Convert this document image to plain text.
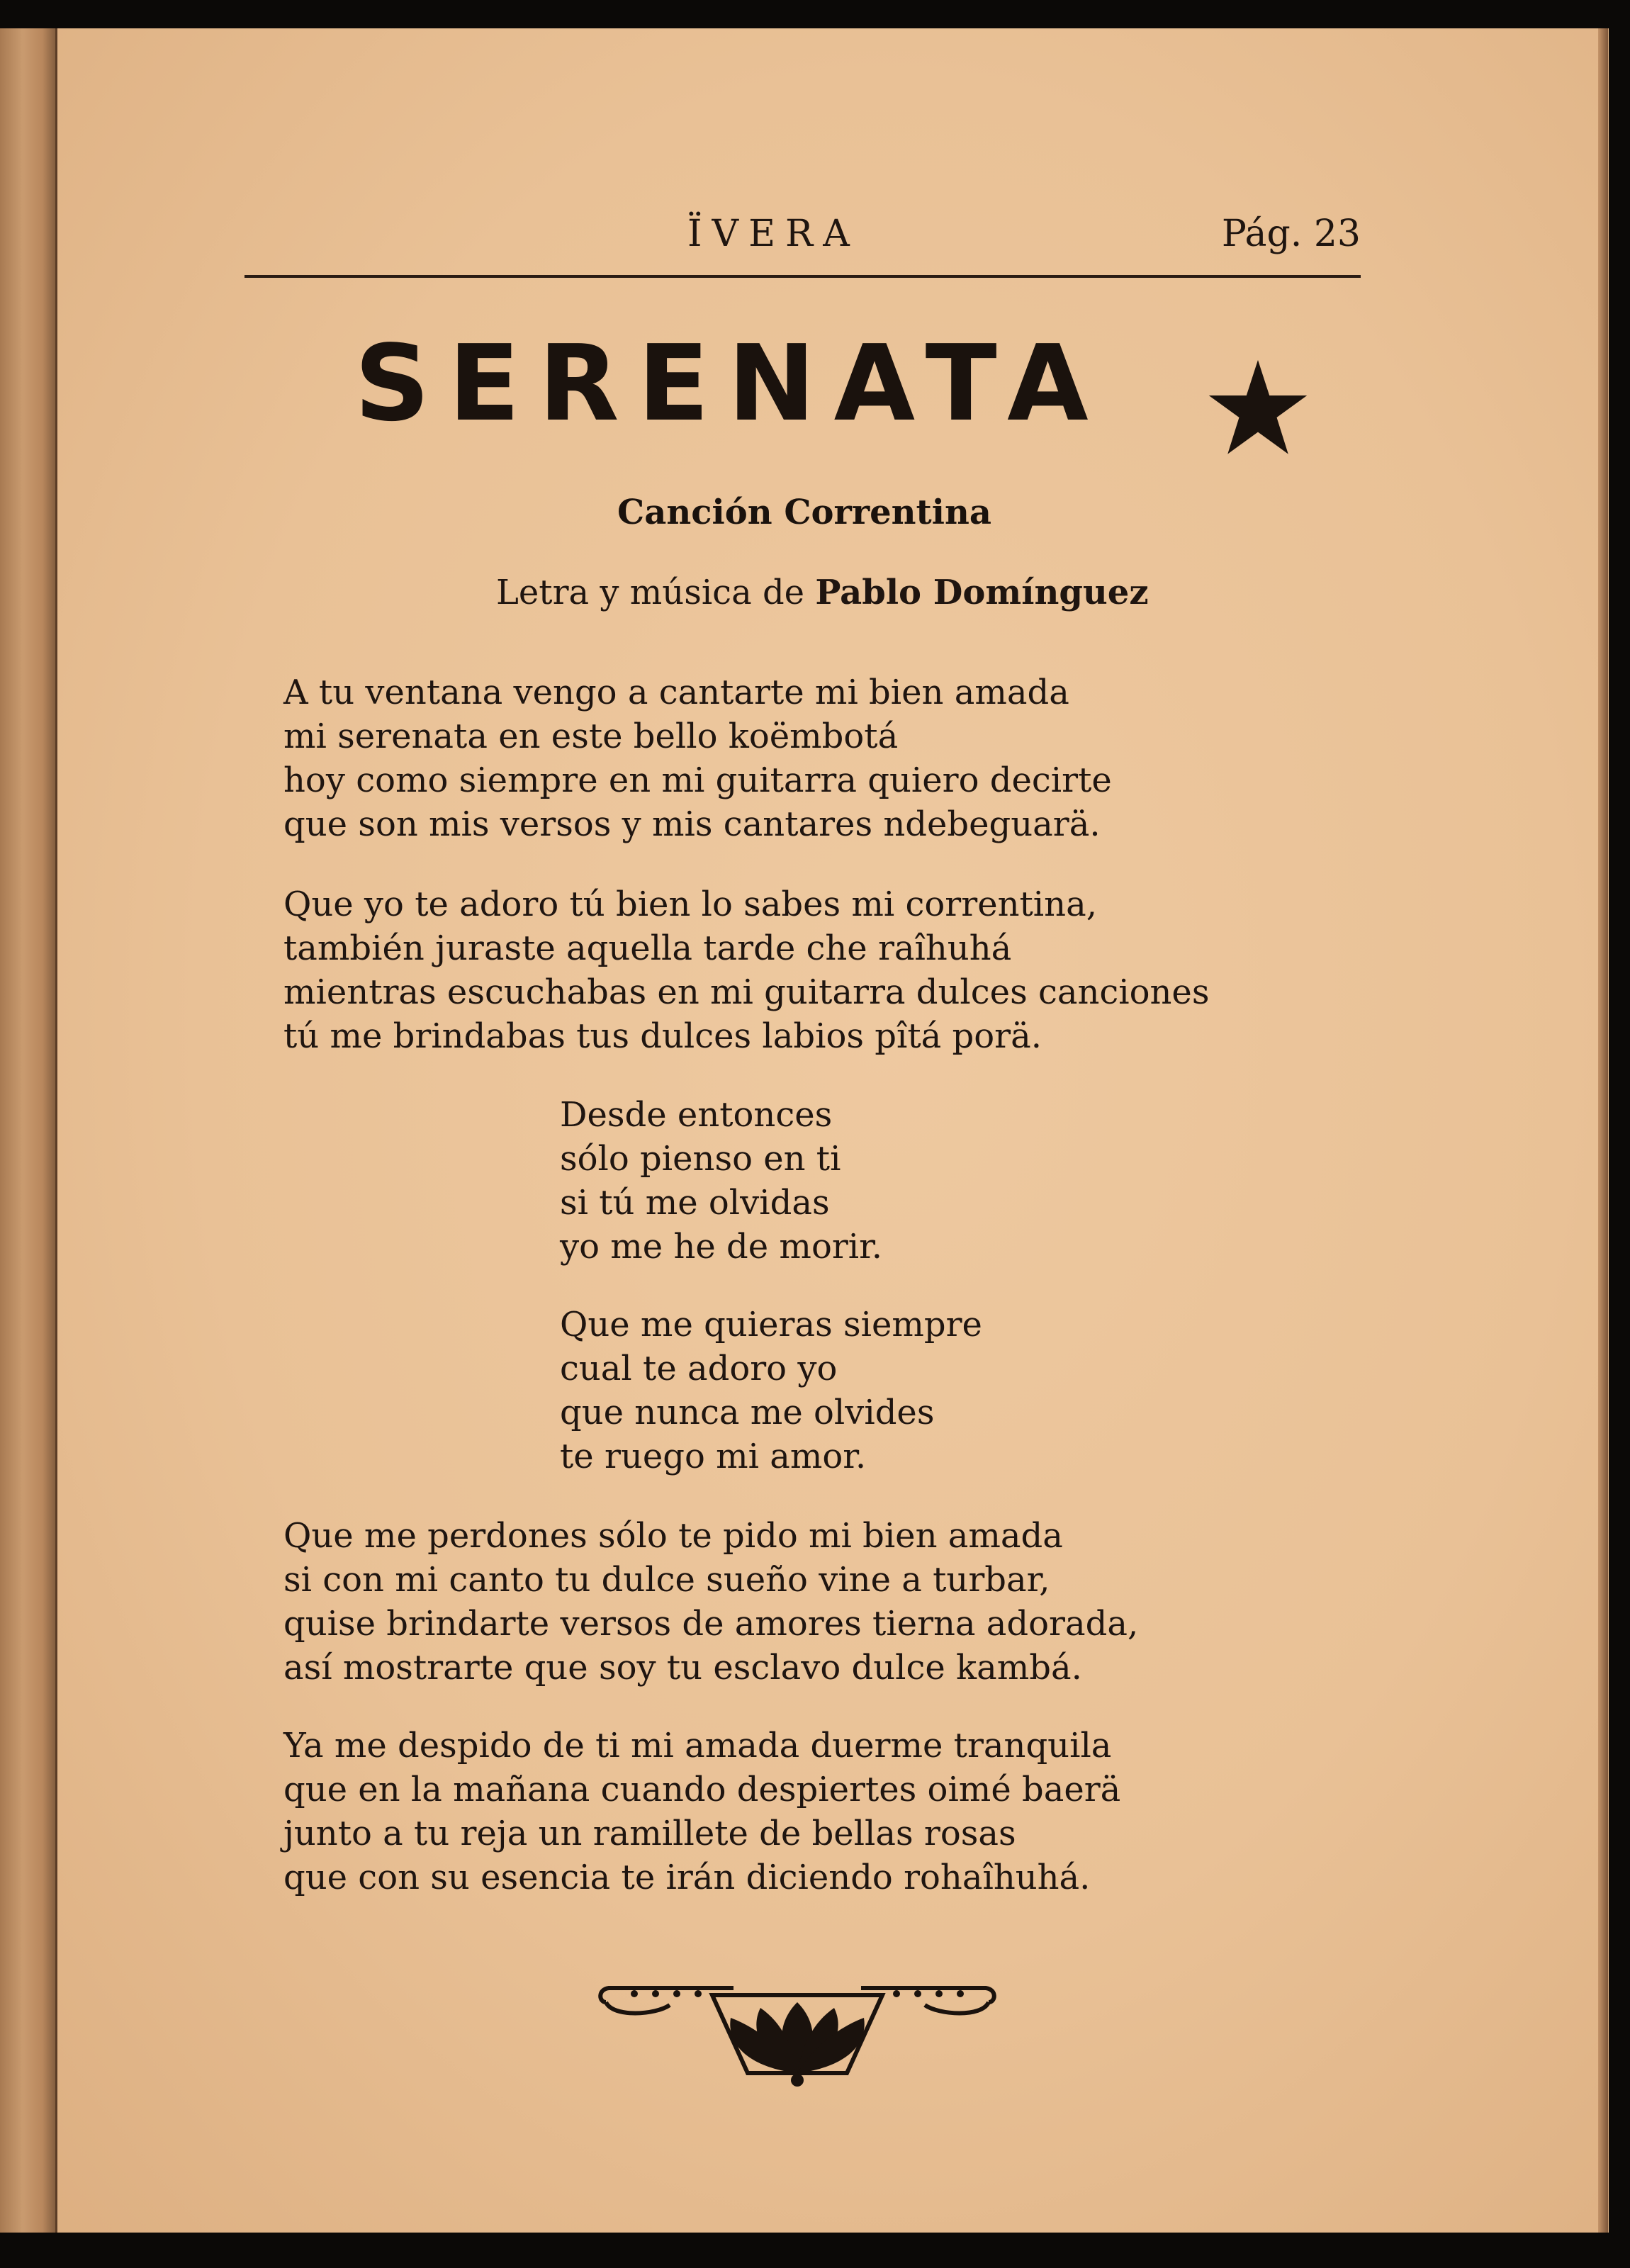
ÏVERA	Pág. 23
SERENATA
Canción Correntina
Letra y música de Pablo Domínguez
A tu ventana vengo a cantarte mi bien amada
mi serenata en este bello koëmbotá
hoy como siempre en mi guitarra quiero decirte
que son mis versos y mis cantares ndebeguarä.
Que yo te adoro tú bien lo sabes mi correntina,
también juraste aquella tarde che raîhuhá
mientras escuchabas en mi guitarra dulces canciones
tú me brindabas tus dulces labios pîtá porä.
Desde entonces
sólo pienso en ti
si tú me olvidas
yo me he de morir.
Que me quieras siempre
cual te adoro yo
que nunca me olvides
te ruego mi amor.
Que me perdones sólo te pido mi bien amada
si con mi canto tu dulce sueño vine a turbar,
quise brindarte versos de amores tierna adorada,
así mostrarte que soy tu esclavo dulce kambá.
Ya me despido de ti mi amada duerme tranquila
que en la mañana cuando despiertes oimé baerä
junto a tu reja un ramillete de bellas rosas
que con su esencia te irán diciendo rohaîhuhá.
